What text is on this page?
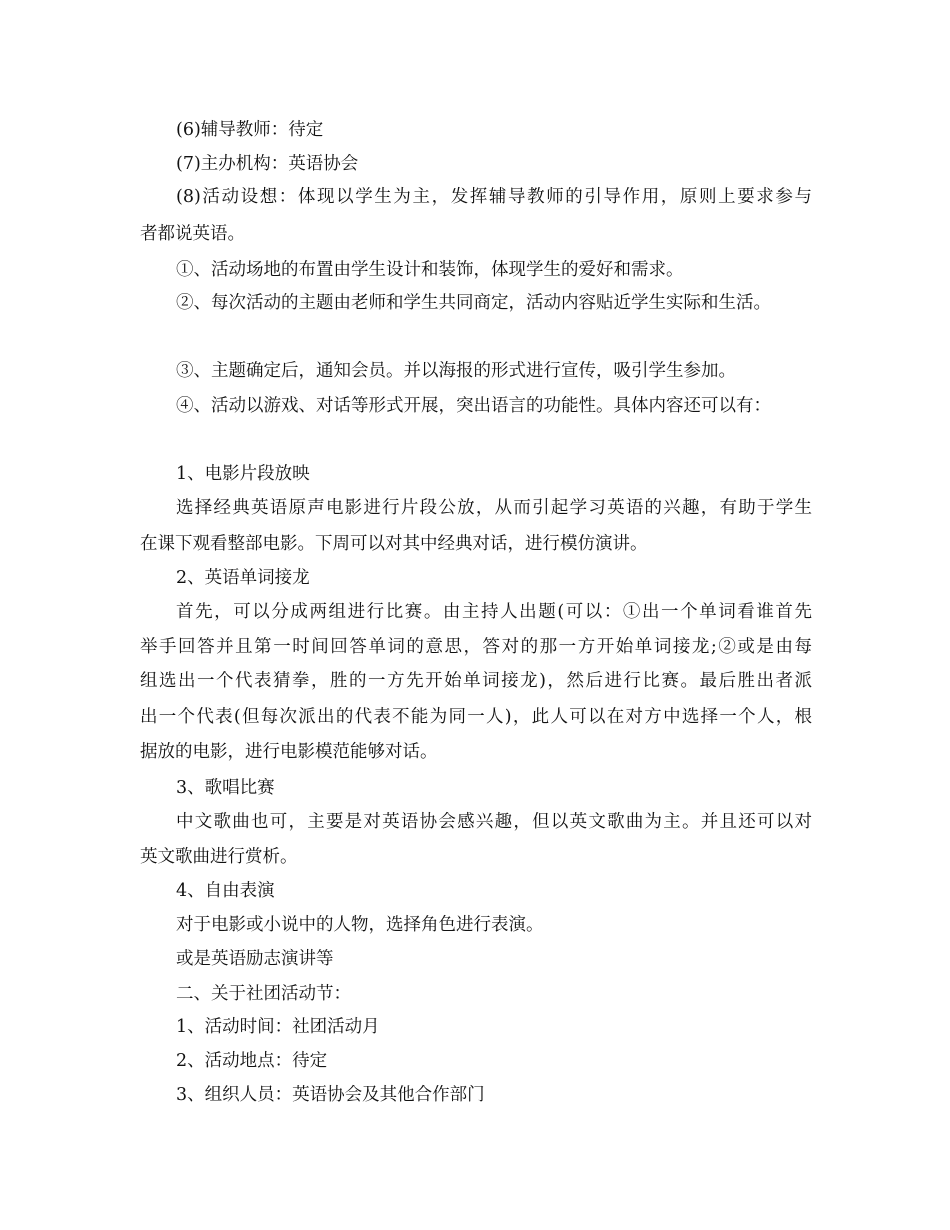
(6)辅导教师：待定
(7)主办机构：英语协会
(8)活动设想：体现以学生为主，发挥辅导教师的引导作用，原则上要求参与
者都说英语。
①、活动场地的布置由学生设计和装饰，体现学生的爱好和需求。
②、每次活动的主题由老师和学生共同商定，活动内容贴近学生实际和生活。
③、主题确定后，通知会员。并以海报的形式进行宣传，吸引学生参加。
④、活动以游戏、对话等形式开展，突出语言的功能性。具体内容还可以有：
1、电影片段放映
选择经典英语原声电影进行片段公放，从而引起学习英语的兴趣，有助于学生
在课下观看整部电影。下周可以对其中经典对话，进行模仿演讲。
2、英语单词接龙
首先，可以分成两组进行比赛。由主持人出题(可以：①出一个单词看谁首先
举手回答并且第一时间回答单词的意思，答对的那一方开始单词接龙;②或是由每
组选出一个代表猜拳，胜的一方先开始单词接龙)，然后进行比赛。最后胜出者派
出一个代表(但每次派出的代表不能为同一人)，此人可以在对方中选择一个人，根
据放的电影，进行电影模范能够对话。
3、歌唱比赛
中文歌曲也可，主要是对英语协会感兴趣，但以英文歌曲为主。并且还可以对
英文歌曲进行赏析。
4、自由表演
对于电影或小说中的人物，选择角色进行表演。
或是英语励志演讲等
二、关于社团活动节：
1、活动时间：社团活动月
2、活动地点：待定
3、组织人员：英语协会及其他合作部门
